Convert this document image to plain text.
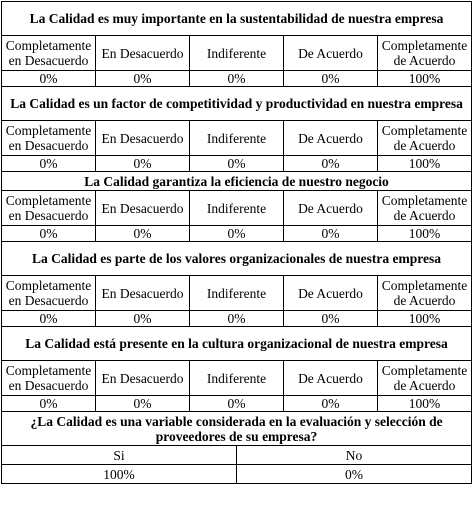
La Calidad es muy importante en la sustentabilidad de nuestra empresa				
Completamente en Desacuerdo	En Desacuerdo	Indiferente	De Acuerdo	Completamente de Acuerdo
0%	0%	0%	0%	100%
La Calidad es un factor de competitividad y productividad en nuestra empresa				
Completamente en Desacuerdo	En Desacuerdo	Indiferente	De Acuerdo	Completamente de Acuerdo
0%	0%	0%	0%	100%
La Calidad garantiza la eficiencia de nuestro negocio				
Completamente en Desacuerdo	En Desacuerdo	Indiferente	De Acuerdo	Completamente de Acuerdo
0%	0%	0%	0%	100%
La Calidad es parte de los valores organizacionales de nuestra empresa				
Completamente en Desacuerdo	En Desacuerdo	Indiferente	De Acuerdo	Completamente de Acuerdo
0%	0%	0%	0%	100%
La Calidad está presente en la cultura organizacional de nuestra empresa				
Completamente en Desacuerdo	En Desacuerdo	Indiferente	De Acuerdo	Completamente de Acuerdo
0%	0%	0%	0%	100%
¿La Calidad es una variable considerada en la evaluación y selección de proveedores de su empresa?	
Si	No
100%	0%
